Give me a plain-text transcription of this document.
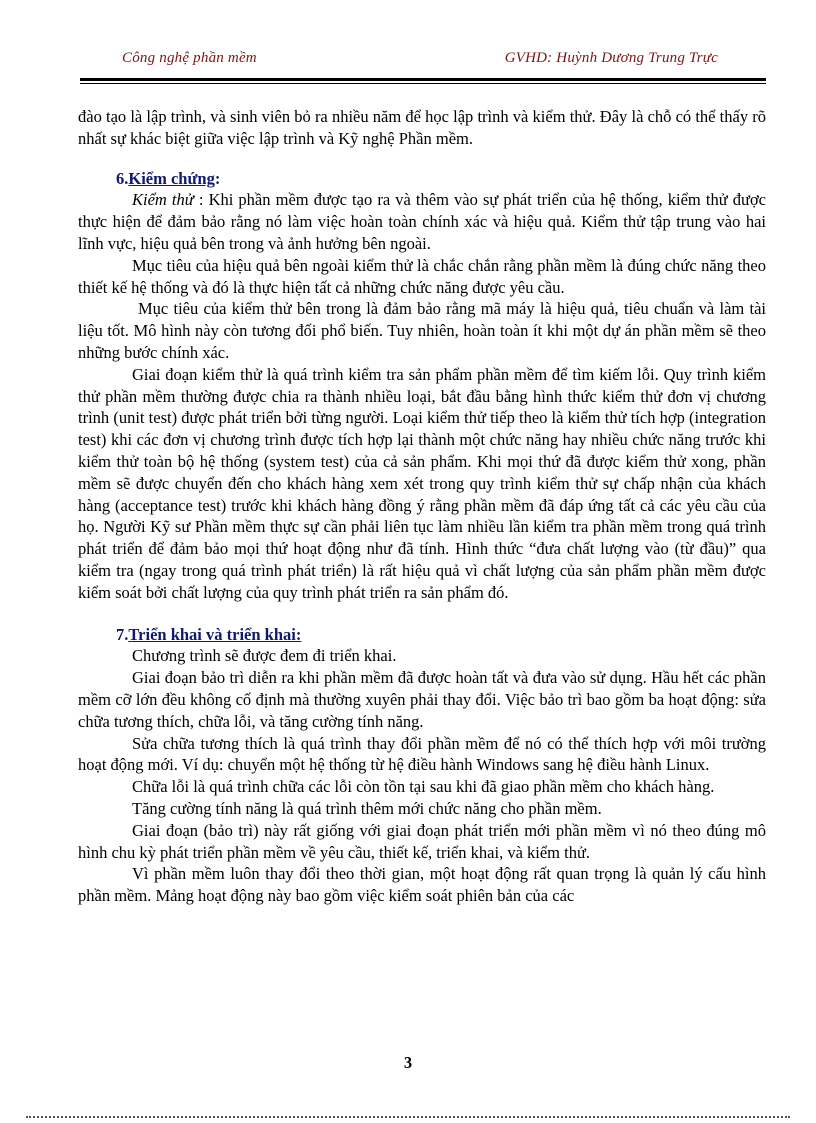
Công nghệ phần mềm	GVHD: Huỳnh Dương Trung Trực

đào tạo là lập trình, và sinh viên bỏ ra nhiều năm để học lập trình và kiểm thử. Đây là chỗ có thể thấy rõ nhất sự khác biệt giữa việc lập trình và Kỹ nghệ Phần mềm.

6.Kiểm chứng:

Kiểm thử : Khi phần mềm được tạo ra và thêm vào sự phát triển của hệ thống, kiểm thử được thực hiện để đảm bảo rằng nó làm việc hoàn toàn chính xác và hiệu quả. Kiểm thử tập trung vào hai lĩnh vực, hiệu quả bên trong và ảnh hưởng bên ngoài.

Mục tiêu của hiệu quả bên ngoài kiểm thử là chắc chắn rằng phần mềm là đúng chức năng theo thiết kế hệ thống và đó là thực hiện tất cả những chức năng được yêu cầu.

Mục tiêu của kiểm thử bên trong là đảm bảo rằng mã máy là hiệu quả, tiêu chuẩn và làm tài liệu tốt. Mô hình này còn tương đối phổ biến. Tuy nhiên, hoàn toàn ít khi một dự án phần mềm sẽ theo những bước chính xác.

Giai đoạn kiểm thử là quá trình kiểm tra sản phẩm phần mềm để tìm kiếm lỗi. Quy trình kiểm thử phần mềm thường được chia ra thành nhiều loại, bắt đầu bằng hình thức kiểm thử đơn vị chương trình (unit test) được phát triển bởi từng người. Loại kiểm thử tiếp theo là kiểm thử tích hợp (integration test) khi các đơn vị chương trình được tích hợp lại thành một chức năng hay nhiều chức năng trước khi kiểm thử toàn bộ hệ thống (system test) của cả sản phẩm. Khi mọi thứ đã được kiểm thử xong, phần mềm sẽ được chuyển đến cho khách hàng xem xét trong quy trình kiểm thử sự chấp nhận của khách hàng (acceptance test) trước khi khách hàng đồng ý rằng phần mềm đã đáp ứng tất cả các yêu cầu của họ. Người Kỹ sư Phần mềm thực sự cần phải liên tục làm nhiều lần kiểm tra phần mềm trong quá trình phát triển để đảm bảo mọi thứ hoạt động như đã tính. Hình thức “đưa chất lượng vào (từ đầu)” qua kiểm tra (ngay trong quá trình phát triển) là rất hiệu quả vì chất lượng của sản phẩm phần mềm được kiểm soát bởi chất lượng của quy trình phát triển ra sản phẩm đó.

7.Triển khai và triển khai:

Chương trình sẽ được đem đi triển khai.

Giai đoạn bảo trì diễn ra khi phần mềm đã được hoàn tất và đưa vào sử dụng. Hầu hết các phần mềm cỡ lớn đều không cố định mà thường xuyên phải thay đổi. Việc bảo trì bao gồm ba hoạt động: sửa chữa tương thích, chữa lỗi, và tăng cường tính năng.

Sửa chữa tương thích là quá trình thay đổi phần mềm để nó có thể thích hợp với môi trường hoạt động mới. Ví dụ: chuyển một hệ thống từ hệ điều hành Windows sang hệ điều hành Linux.

Chữa lỗi là quá trình chữa các lỗi còn tồn tại sau khi đã giao phần mềm cho khách hàng.

Tăng cường tính năng là quá trình thêm mới chức năng cho phần mềm.

Giai đoạn (bảo trì) này rất giống với giai đoạn phát triển mới phần mềm vì nó theo đúng mô hình chu kỳ phát triển phần mềm về yêu cầu, thiết kế, triển khai, và kiểm thử.

Vì phần mềm luôn thay đổi theo thời gian, một hoạt động rất quan trọng là quản lý cấu hình phần mềm. Mảng hoạt động này bao gồm việc kiểm soát phiên bản của các

3
